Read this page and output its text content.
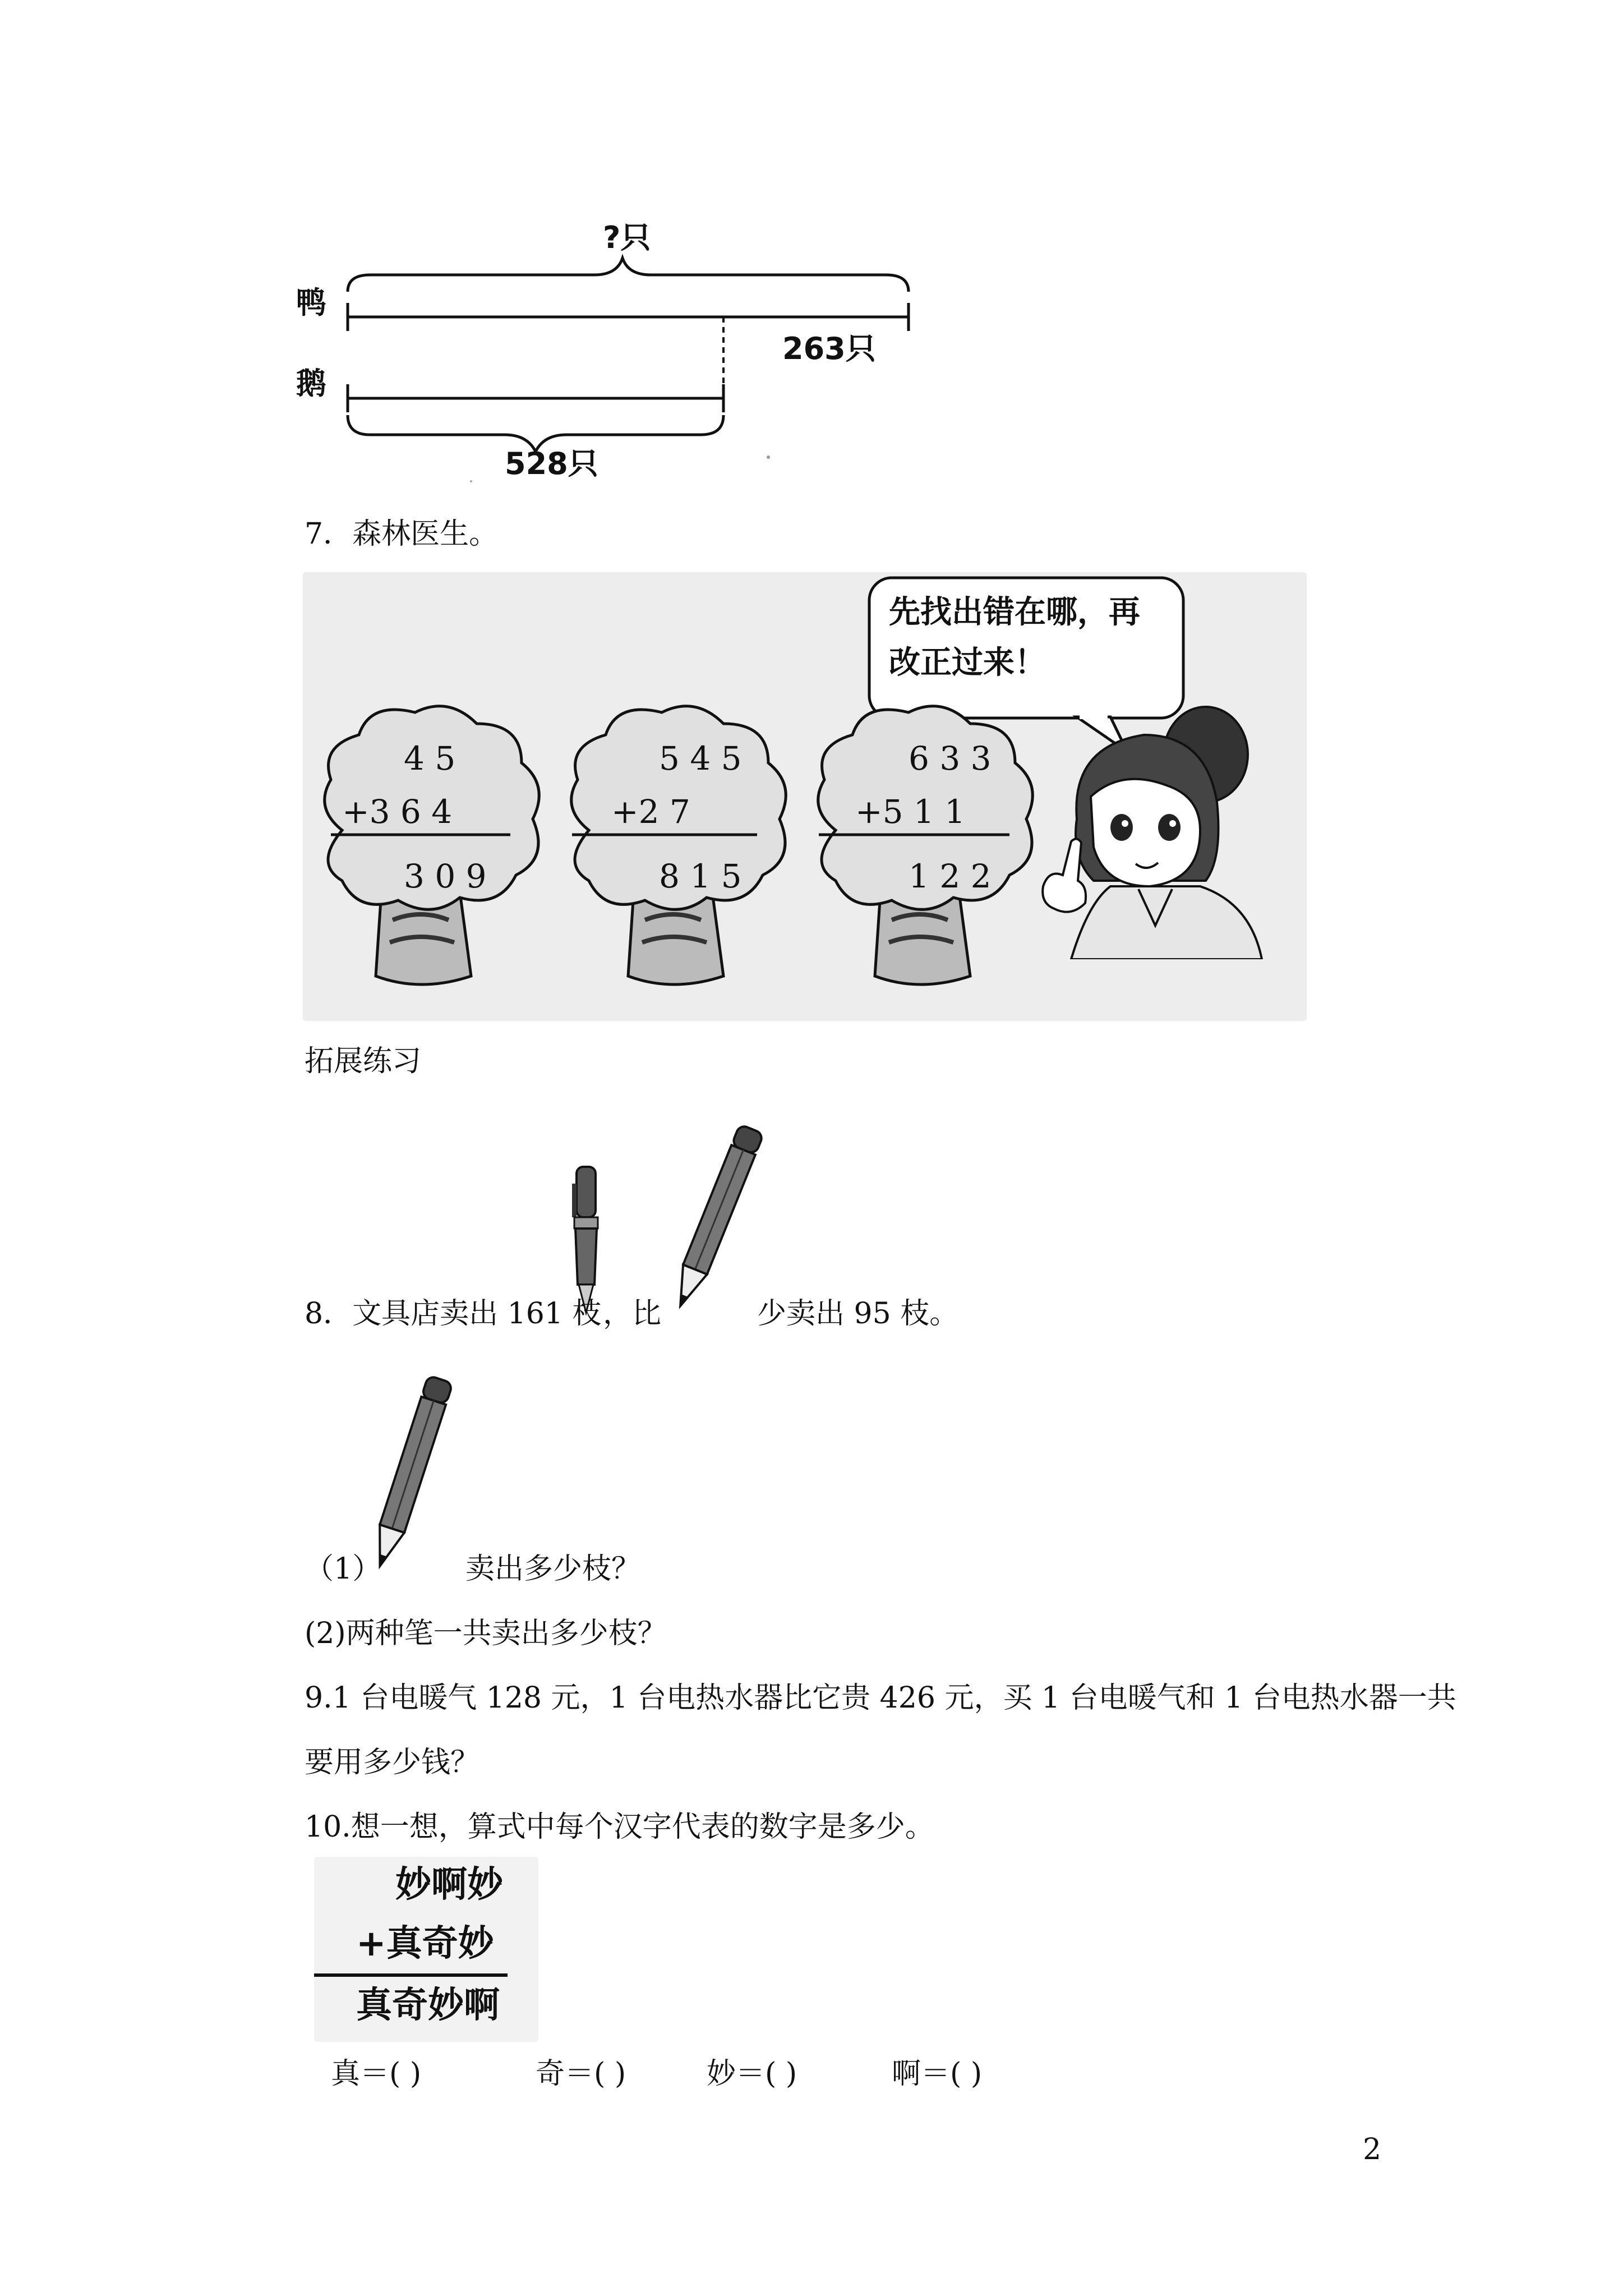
?只
鸭
263只
鹅
528只
7．森林医生。
先找出错在哪，再
改正过来！
4 5
+3 6 4
3 0 9
5 4 5
+2 7
8 1 5
6 3 3
+5 1 1
1 2 2
拓展练习
8．文具店卖出 161 枝 ，比	少卖出 95 枝。
（1）	卖出多少枝？
(2)两种笔一共卖出多少枝？
9.1 台电暖气 128 元，1 台电热水器比它贵 426 元，买 1 台电暖气和 1 台电热水器一共
要用多少钱？
10.想一想，算式中每个汉字代表的数字是多少。
妙啊妙
+真奇妙
真奇妙啊
真＝( )	奇＝( )	妙＝( )	啊＝( )
2
